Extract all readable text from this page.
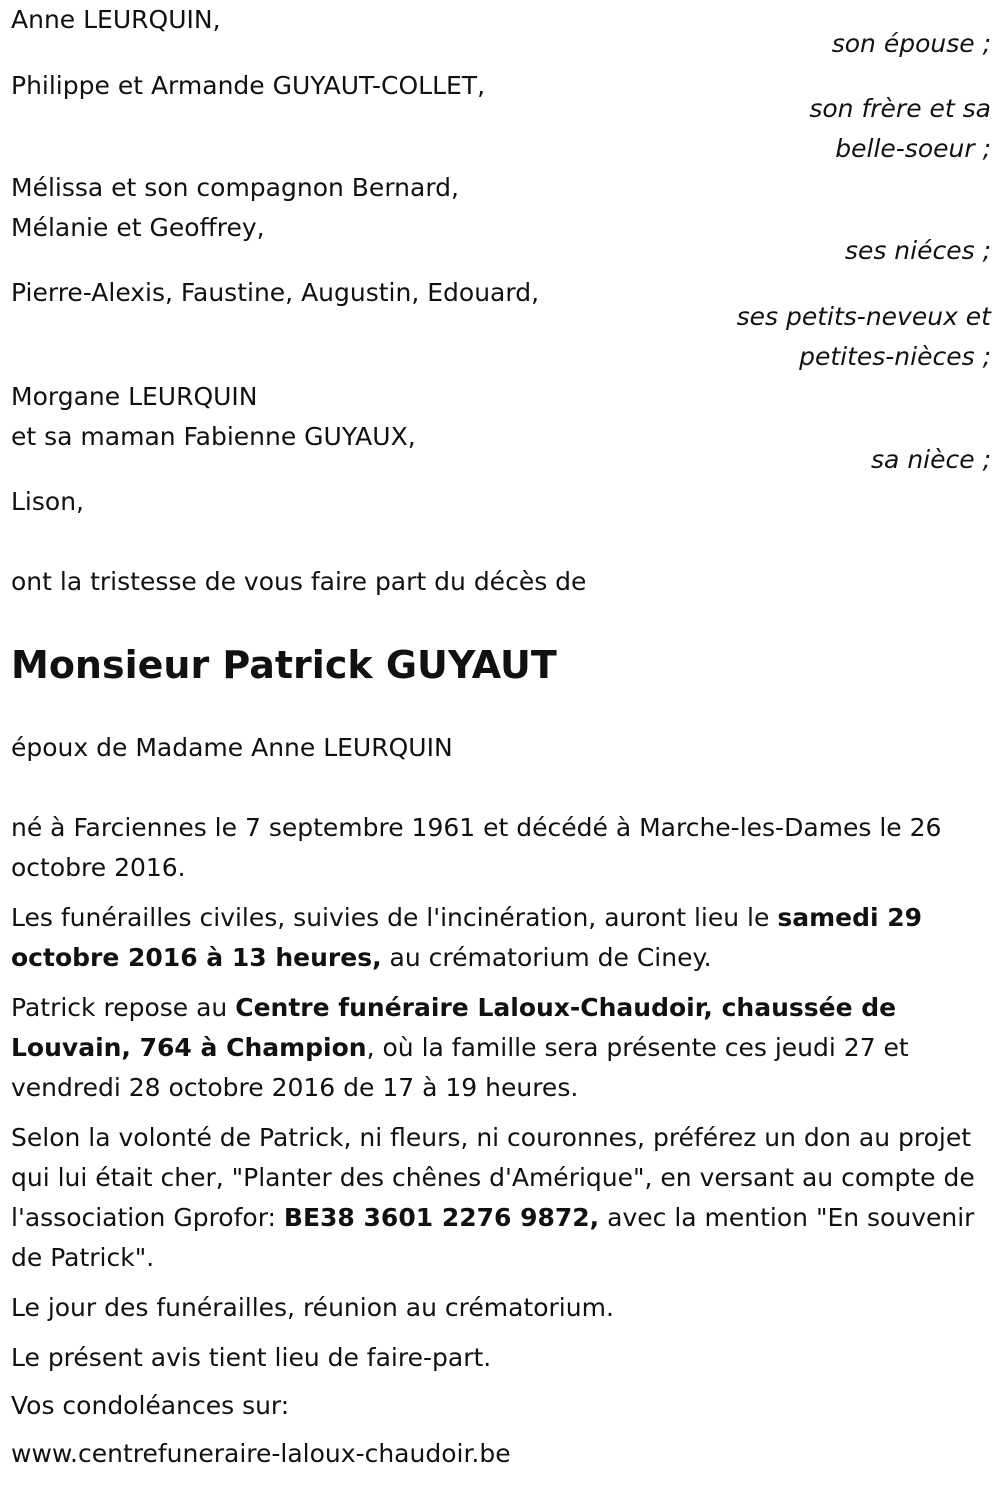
Anne LEURQUIN,

son épouse ;

Philippe et Armande GUYAUT-COLLET,

son frère et sa

belle-soeur ;

Mélissa et son compagnon Bernard,

Mélanie et Geoffrey,

ses niéces ;

Pierre-Alexis, Faustine, Augustin, Edouard,

ses petits-neveux et

petites-nièces ;

Morgane LEURQUIN

et sa maman Fabienne GUYAUX,

sa nièce ;

Lison,

ont la tristesse de vous faire part du décès de

Monsieur Patrick GUYAUT

époux de Madame Anne LEURQUIN

né à Farciennes le 7 septembre 1961 et décédé à Marche-les-Dames le 26 octobre 2016.

Les funérailles civiles, suivies de l'incinération, auront lieu le samedi 29 octobre 2016 à 13 heures, au crématorium de Ciney.

Patrick repose au Centre funéraire Laloux-Chaudoir, chaussée de Louvain, 764 à Champion, où la famille sera présente ces jeudi 27 et vendredi 28 octobre 2016 de 17 à 19 heures.

Selon la volonté de Patrick, ni fleurs, ni couronnes, préférez un don au projet qui lui était cher, "Planter des chênes d'Amérique", en versant au compte de l'association Gprofor: BE38 3601 2276 9872, avec la mention "En souvenir de Patrick".

Le jour des funérailles, réunion au crématorium.

Le présent avis tient lieu de faire-part.

Vos condoléances sur:

www.centrefuneraire-laloux-chaudoir.be
